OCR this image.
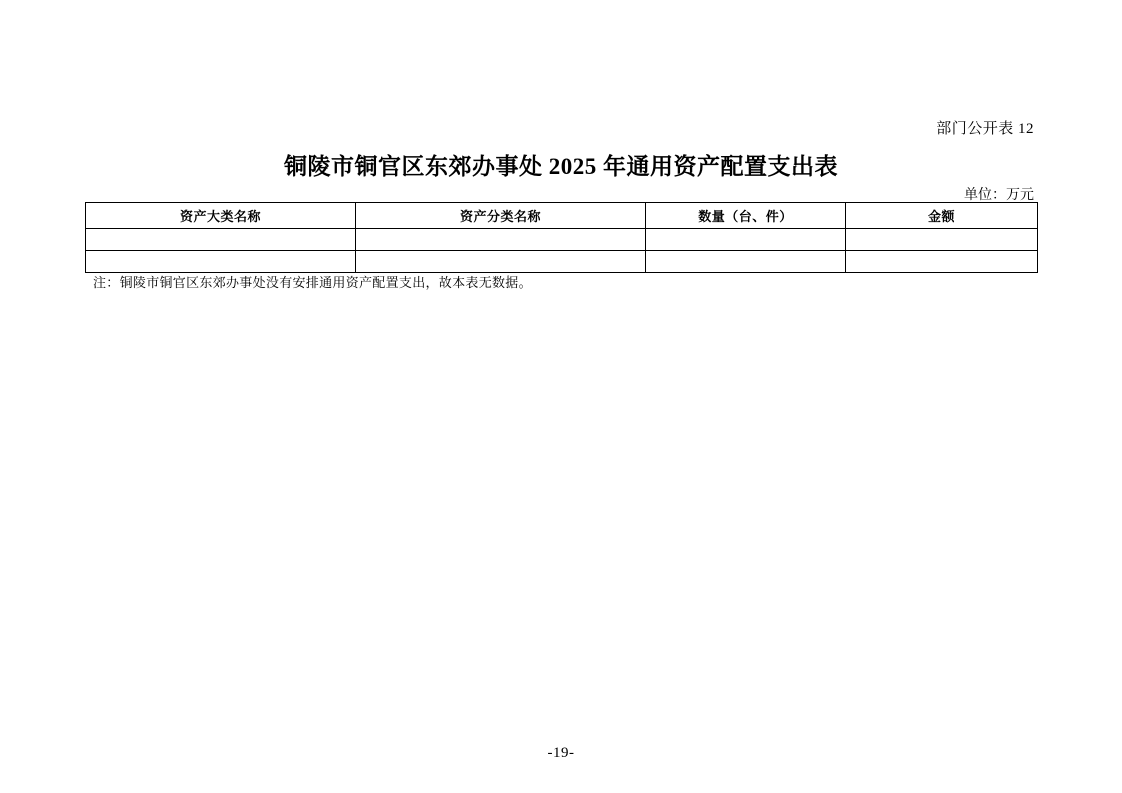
部门公开表 12
铜陵市铜官区东郊办事处 2025 年通用资产配置支出表
单位：万元
资产大类名称	资产分类名称	数量（台、件）	金额

注：铜陵市铜官区东郊办事处没有安排通用资产配置支出，故本表无数据。
-19-
